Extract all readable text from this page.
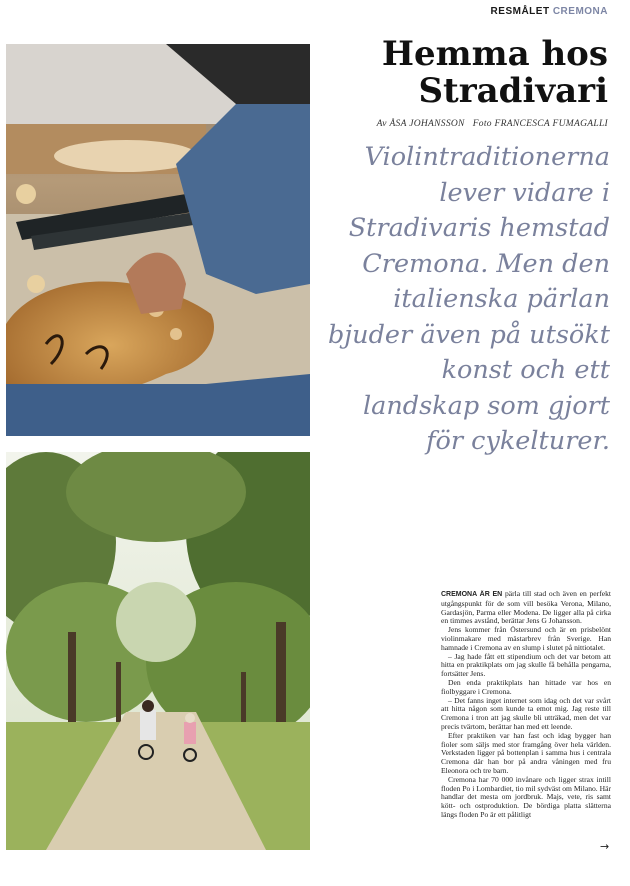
RESMÅLET CREMONA
Hemma hos
Stradivari
Av ÅSA JOHANSSON Foto FRANCESCA FUMAGALLI
Violintraditionerna lever vidare i Stradivaris hemstad Cremona. Men den italienska pärlan bjuder även på utsökt konst och ett landskap som gjort för cykelturer.

CREMONA ÄR EN pärla till stad och även en perfekt utgångspunkt för de som vill besöka Verona, Milano, Gardasjön, Parma eller Modena. De ligger alla på cirka en timmes avstånd, berättar Jens G Johansson.

Jens kommer från Östersund och är en prisbelönt violinmakare med mästarbrev från Sverige. Han hamnade i Cremona av en slump i slutet på nittiotalet.

– Jag hade fått ett stipendium och det var betom att hitta en praktikplats om jag skulle få behålla pengarna, fortsätter Jens.

Den enda praktikplats han hittade var hos en fiolbyggare i Cremona.

– Det fanns inget internet som idag och det var svårt att hitta någon som kunde ta emot mig. Jag reste till Cremona i tron att jag skulle bli utträkad, men det var precis tvärtom, berättar han med ett leende.

Efter praktiken var han fast och idag bygger han fioler som säljs med stor framgång över hela världen. Verkstaden ligger på bottenplan i samma hus i centrala Cremona där han bor på andra våningen med fru Eleonora och tre barn.

Cremona har 70 000 invånare och ligger strax intill floden Po i Lombardiet, tio mil sydväst om Milano. Här handlar det mesta om jordbruk. Majs, vete, ris samt kött- och ostproduktion. De bördiga platta slätterna längs floden Po är ett pålitligt

→
